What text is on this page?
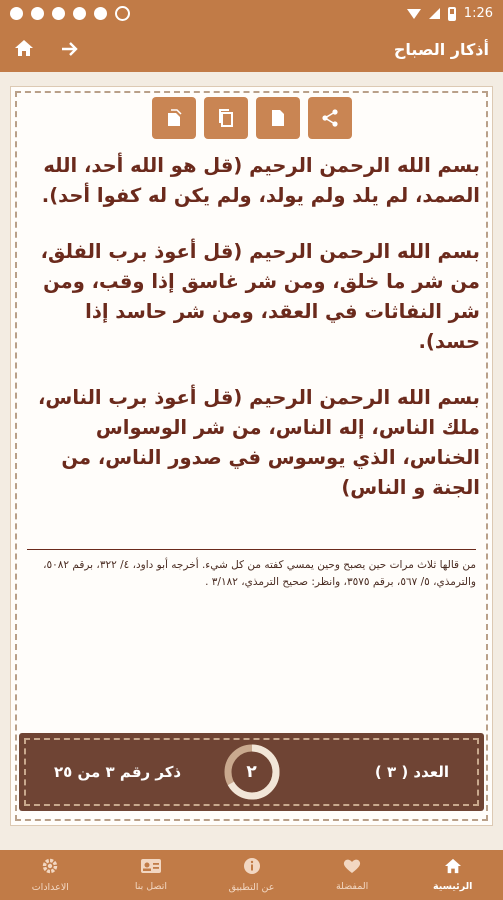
1:26
أذكار الصباح

بسم الله الرحمن الرحيم (قل هو الله أحد، الله الصمد، لم يلد ولم يولد، ولم يكن له كفوا أحد).

بسم الله الرحمن الرحيم (قل أعوذ برب الفلق، من شر ما خلق، ومن شر غاسق إذا وقب، ومن شر النفاثات في العقد، ومن شر حاسد إذا حسد).

بسم الله الرحمن الرحيم (قل أعوذ برب الناس، ملك الناس، إله الناس، من شر الوسواس الخناس، الذي يوسوس في صدور الناس، من الجنة و الناس)

من قالها ثلاث مرات حين يصبح وحين يمسي كفته من كل شيء. أخرجه أبو داود، ٤/ ٣٢٢، برقم ٥٠٨٢، والترمذي، ٥/ ٥٦٧، برقم ٣٥٧٥، وانظر: صحيح الترمذي، ٣/١٨٢ .
العدد ( ٣ )
ذكر رقم ٣ من ٢٥	٢
الرئيسية
المفضلة
عن التطبيق
اتصل بنا
الاعدادات
